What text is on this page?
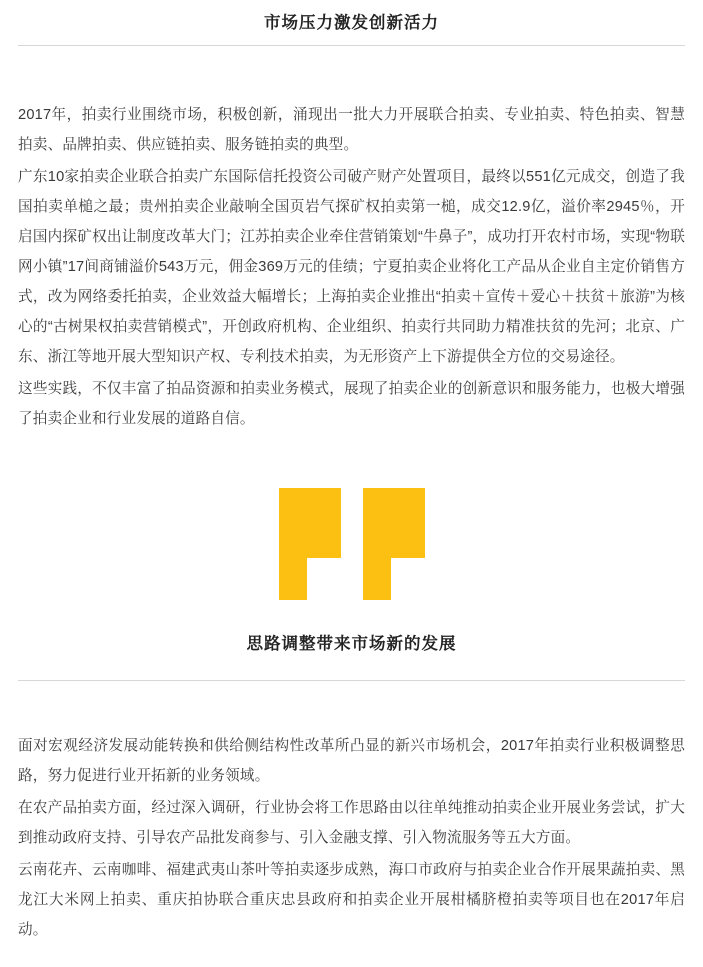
市场压力激发创新活力

2017年，拍卖行业围绕市场，积极创新，涌现出一批大力开展联合拍卖、专业拍卖、特色拍卖、智慧拍卖、品牌拍卖、供应链拍卖、服务链拍卖的典型。

广东10家拍卖企业联合拍卖广东国际信托投资公司破产财产处置项目，最终以551亿元成交，创造了我国拍卖单槌之最；贵州拍卖企业敲响全国页岩气探矿权拍卖第一槌，成交12.9亿，溢价率2945％，开启国内探矿权出让制度改革大门；江苏拍卖企业牵住营销策划“牛鼻子”，成功打开农村市场，实现“物联网小镇”17间商铺溢价543万元，佣金369万元的佳绩；宁夏拍卖企业将化工产品从企业自主定价销售方式，改为网络委托拍卖，企业效益大幅增长；上海拍卖企业推出“拍卖＋宣传＋爱心＋扶贫＋旅游”为核心的“古树果权拍卖营销模式”，开创政府机构、企业组织、拍卖行共同助力精准扶贫的先河；北京、广东、浙江等地开展大型知识产权、专利技术拍卖，为无形资产上下游提供全方位的交易途径。

这些实践，不仅丰富了拍品资源和拍卖业务模式，展现了拍卖企业的创新意识和服务能力，也极大增强了拍卖企业和行业发展的道路自信。

思路调整带来市场新的发展

面对宏观经济发展动能转换和供给侧结构性改革所凸显的新兴市场机会，2017年拍卖行业积极调整思路，努力促进行业开拓新的业务领域。

在农产品拍卖方面，经过深入调研，行业协会将工作思路由以往单纯推动拍卖企业开展业务尝试，扩大到推动政府支持、引导农产品批发商参与、引入金融支撑、引入物流服务等五大方面。

云南花卉、云南咖啡、福建武夷山茶叶等拍卖逐步成熟，海口市政府与拍卖企业合作开展果蔬拍卖、黑龙江大米网上拍卖、重庆拍协联合重庆忠县政府和拍卖企业开展柑橘脐橙拍卖等项目也在2017年启动。
